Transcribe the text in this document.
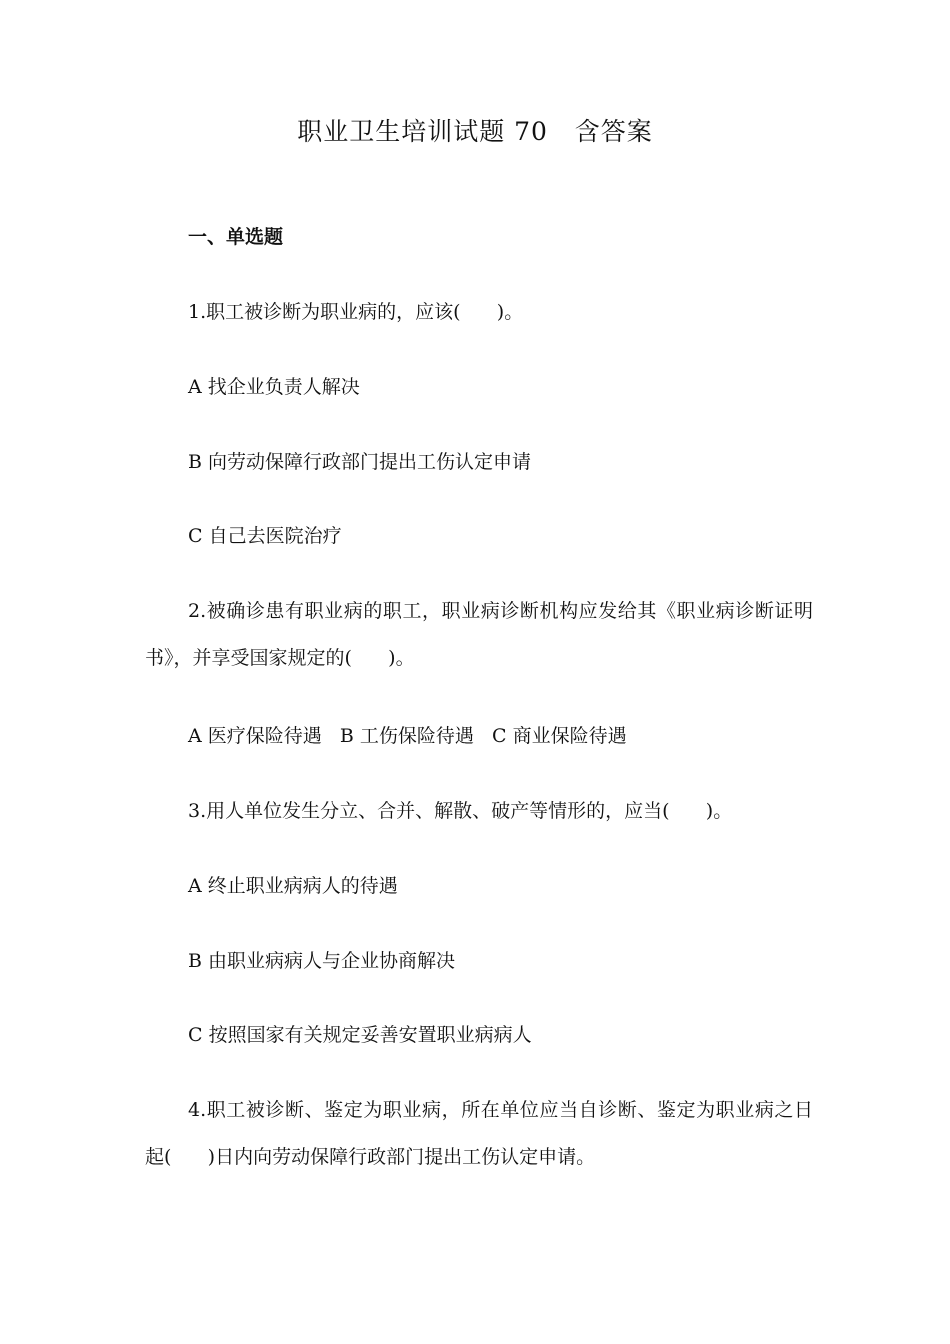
职业卫生培训试题 70   含答案
一、单选题
1.职工被诊断为职业病的，应该(      )。
A 找企业负责人解决
B 向劳动保障行政部门提出工伤认定申请
C 自己去医院治疗
2.被确诊患有职业病的职工，职业病诊断机构应发给其《职业病诊断证明书》，并享受国家规定的(      )。
A 医疗保险待遇   B 工伤保险待遇   C 商业保险待遇
3.用人单位发生分立、合并、解散、破产等情形的，应当(      )。
A 终止职业病病人的待遇
B 由职业病病人与企业协商解决
C 按照国家有关规定妥善安置职业病病人
4.职工被诊断、鉴定为职业病，所在单位应当自诊断、鉴定为职业病之日起(      )日内向劳动保障行政部门提出工伤认定申请。
